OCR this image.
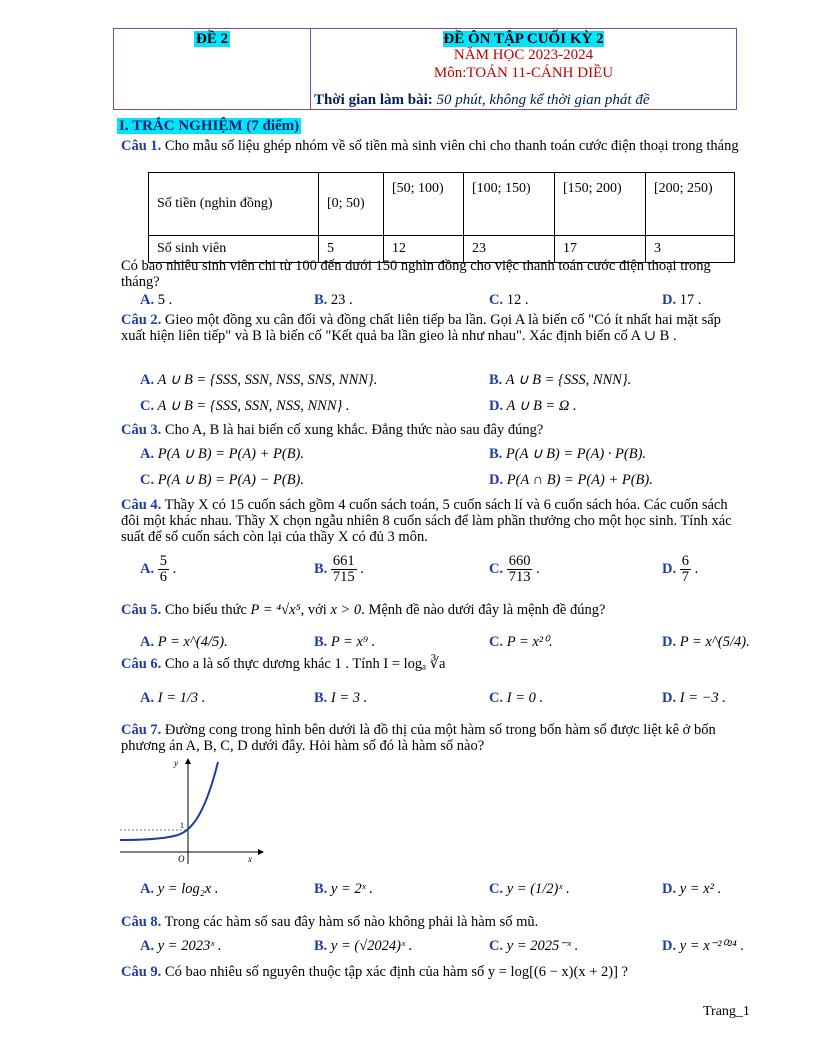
ĐỀ 2	ĐỀ ÔN TẬP CUỐI KỲ 2
NĂM HỌC 2023-2024
Môn:TOÁN 11-CÁNH DIỀU
Thời gian làm bài: 50 phút, không kể thời gian phát đề
I. TRẮC NGHIỆM (7 điểm)
Câu 1. Cho mẫu số liệu ghép nhóm về số tiền mà sinh viên chi cho thanh toán cước điện thoại trong tháng
Số tiền (nghìn đồng)	[0; 50)	[50; 100)	[100; 150)	[150; 200)	[200; 250)
Số sinh viên	5	12	23	17	3
Có bao nhiêu sinh viên chi từ 100 đến dưới 150 nghìn đồng cho việc thanh toán cước điện thoại trong tháng?
A. 5 .	B. 23 .	C. 12 .	D. 17 .
Câu 2. Gieo một đồng xu cân đối và đồng chất liên tiếp ba lần. Gọi A là biến cố "Có ít nhất hai mặt sấp xuất hiện liên tiếp" và B là biến cố "Kết quả ba lần gieo là như nhau". Xác định biến cố A ∪ B .
A. A ∪ B = {SSS, SSN, NSS, SNS, NNN}.	B. A ∪ B = {SSS, NNN}.
C. A ∪ B = {SSS, SSN, NSS, NNN} .	D. A ∪ B = Ω .
Câu 3. Cho A, B là hai biến cố xung khắc. Đẳng thức nào sau đây đúng?
A. P(A ∪ B) = P(A) + P(B).	B. P(A ∪ B) = P(A) · P(B).
C. P(A ∪ B) = P(A) − P(B).	D. P(A ∩ B) = P(A) + P(B).
Câu 4. Thầy X có 15 cuốn sách gồm 4 cuốn sách toán, 5 cuốn sách lí và 6 cuốn sách hóa. Các cuốn sách đôi một khác nhau. Thầy X chọn ngẫu nhiên 8 cuốn sách để làm phần thưởng cho một học sinh. Tính xác suất để số cuốn sách còn lại của thầy X có đủ 3 môn.
A. $\frac{5}{6}$ .	B. $\frac{661}{715}$ .	C. $\frac{660}{713}$ .	D. $\frac{6}{7}$ .
Câu 5. Cho biểu thức P = ⁴√x⁵, với x > 0. Mệnh đề nào dưới đây là mệnh đề đúng?
A. P = x^(4/5).	B. P = x⁹ .	C. P = x²⁰.	D. P = x^(5/4).
Câu 6. Cho a là số thực dương khác 1 . Tính I = logₐ ∛a
A. I = 1/3 .	B. I = 3 .	C. I = 0 .	D. I = −3 .
Câu 7. Đường cong trong hình bên dưới là đồ thị của một hàm số trong bốn hàm số được liệt kê ở bốn phương án A, B, C, D dưới đây. Hỏi hàm số đó là hàm số nào?
y
x
O
1
A. y = log₂x .	B. y = 2ˣ .	C. y = (1/2)ˣ .	D. y = x² .
Câu 8. Trong các hàm số sau đây hàm số nào không phải là hàm số mũ.
A. y = 2023ˣ .	B. y = (√2024)ˣ .	C. y = 2025⁻ˣ .	D. y = x⁻²⁰²⁴ .
Câu 9. Có bao nhiêu số nguyên thuộc tập xác định của hàm số y = log[(6 − x)(x + 2)] ?
Trang_1
